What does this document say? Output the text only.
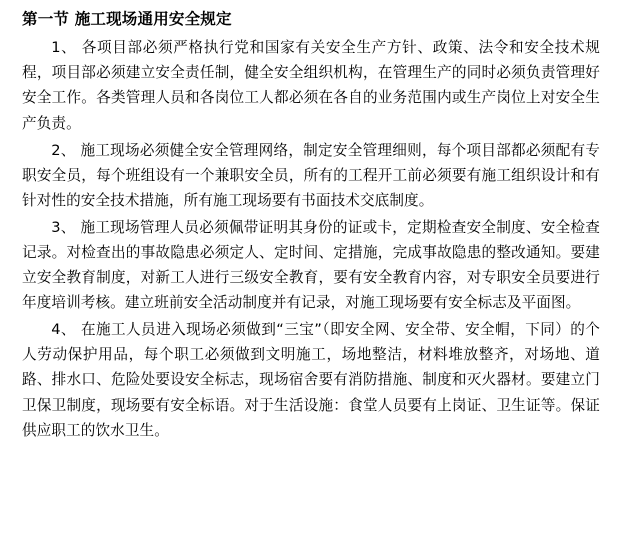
第一节 施工现场通用安全规定

1、 各项目部必须严格执行党和国家有关安全生产方针、政策、法令和安全技术规程，项目部必须建立安全责任制，健全安全组织机构，在管理生产的同时必须负责管理好安全工作。各类管理人员和各岗位工人都必须在各自的业务范围内或生产岗位上对安全生产负责。

2、 施工现场必须健全安全管理网络，制定安全管理细则，每个项目部都必须配有专职安全员，每个班组设有一个兼职安全员，所有的工程开工前必须要有施工组织设计和有针对性的安全技术措施，所有施工现场要有书面技术交底制度。

3、 施工现场管理人员必须佩带证明其身份的证或卡，定期检查安全制度、安全检查记录。对检查出的事故隐患必须定人、定时间、定措施，完成事故隐患的整改通知。要建立安全教育制度，对新工人进行三级安全教育，要有安全教育内容，对专职安全员要进行年度培训考核。建立班前安全活动制度并有记录，对施工现场要有安全标志及平面图。

4、 在施工人员进入现场必须做到“三宝”（即安全网、安全带、安全帽，下同）的个人劳动保护用品，每个职工必须做到文明施工，场地整洁，材料堆放整齐，对场地、道路、排水口、危险处要设安全标志，现场宿舍要有消防措施、制度和灭火器材。要建立门卫保卫制度，现场要有安全标语。对于生活设施：食堂人员要有上岗证、卫生证等。保证供应职工的饮水卫生。
